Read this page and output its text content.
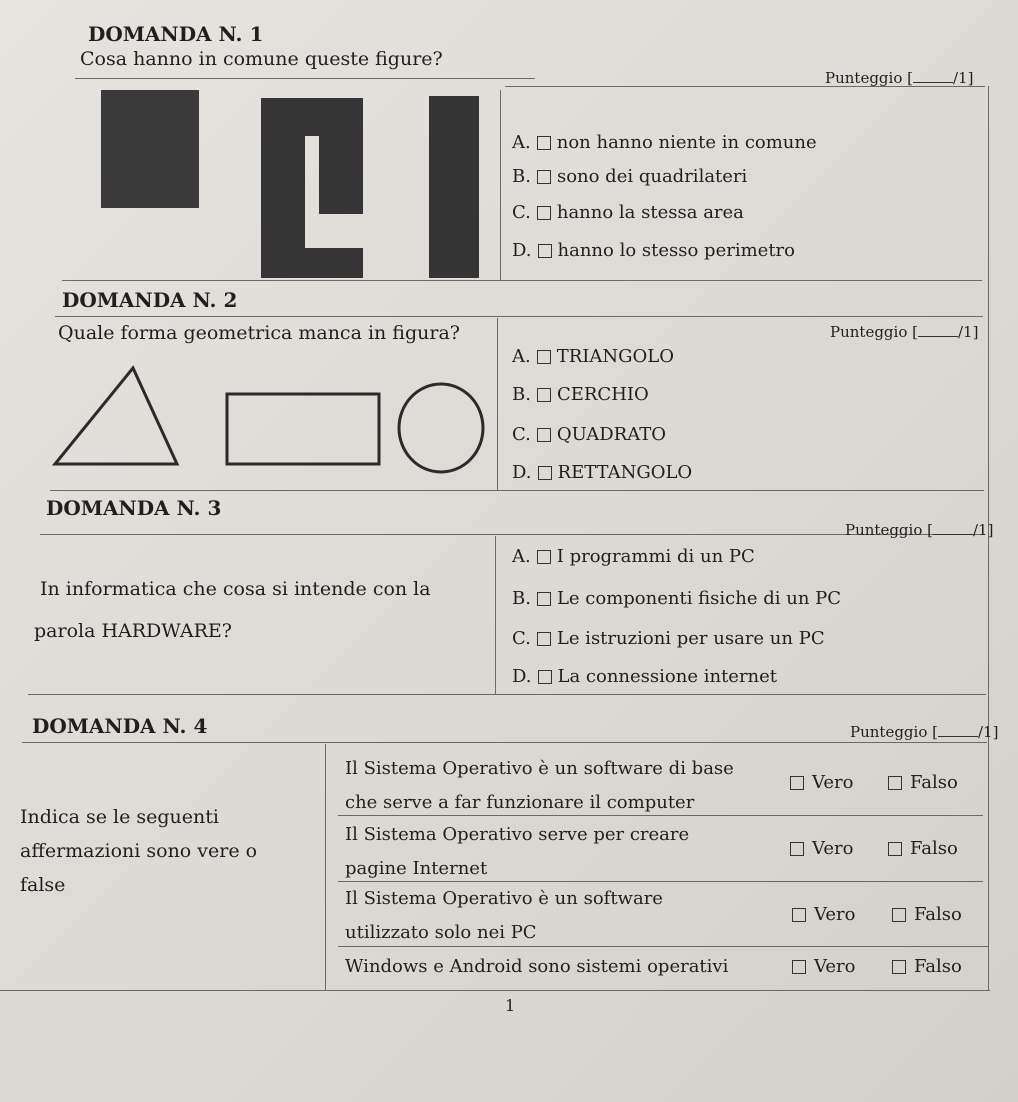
DOMANDA N. 1
Cosa hanno in comune queste figure?
Punteggio [	/1]
A. non hanno niente in comune
B. sono dei quadrilateri
C. hanno la stessa area
D. hanno lo stesso perimetro
DOMANDA N. 2
Quale forma geometrica manca in figura?	Punteggio [	/1]
A. TRIANGOLO
B. CERCHIO
C. QUADRATO
D. RETTANGOLO
DOMANDA N. 3
Punteggio [	/1]
In informatica che cosa si intende con la
parola HARDWARE?
A. I programmi di un PC
B. Le componenti fisiche di un PC
C. Le istruzioni per usare un PC
D. La connessione internet
DOMANDA N. 4	Punteggio [	/1]
Indica se le seguenti
affermazioni sono vere o
false
Il Sistema Operativo è un software di base
che serve a far funzionare il computer
Vero	Falso
Il Sistema Operativo serve per creare
pagine Internet
Vero	Falso
Il Sistema Operativo è un software
utilizzato solo nei PC
Vero	Falso
Windows e Android sono sistemi operativi	Vero	Falso
1
